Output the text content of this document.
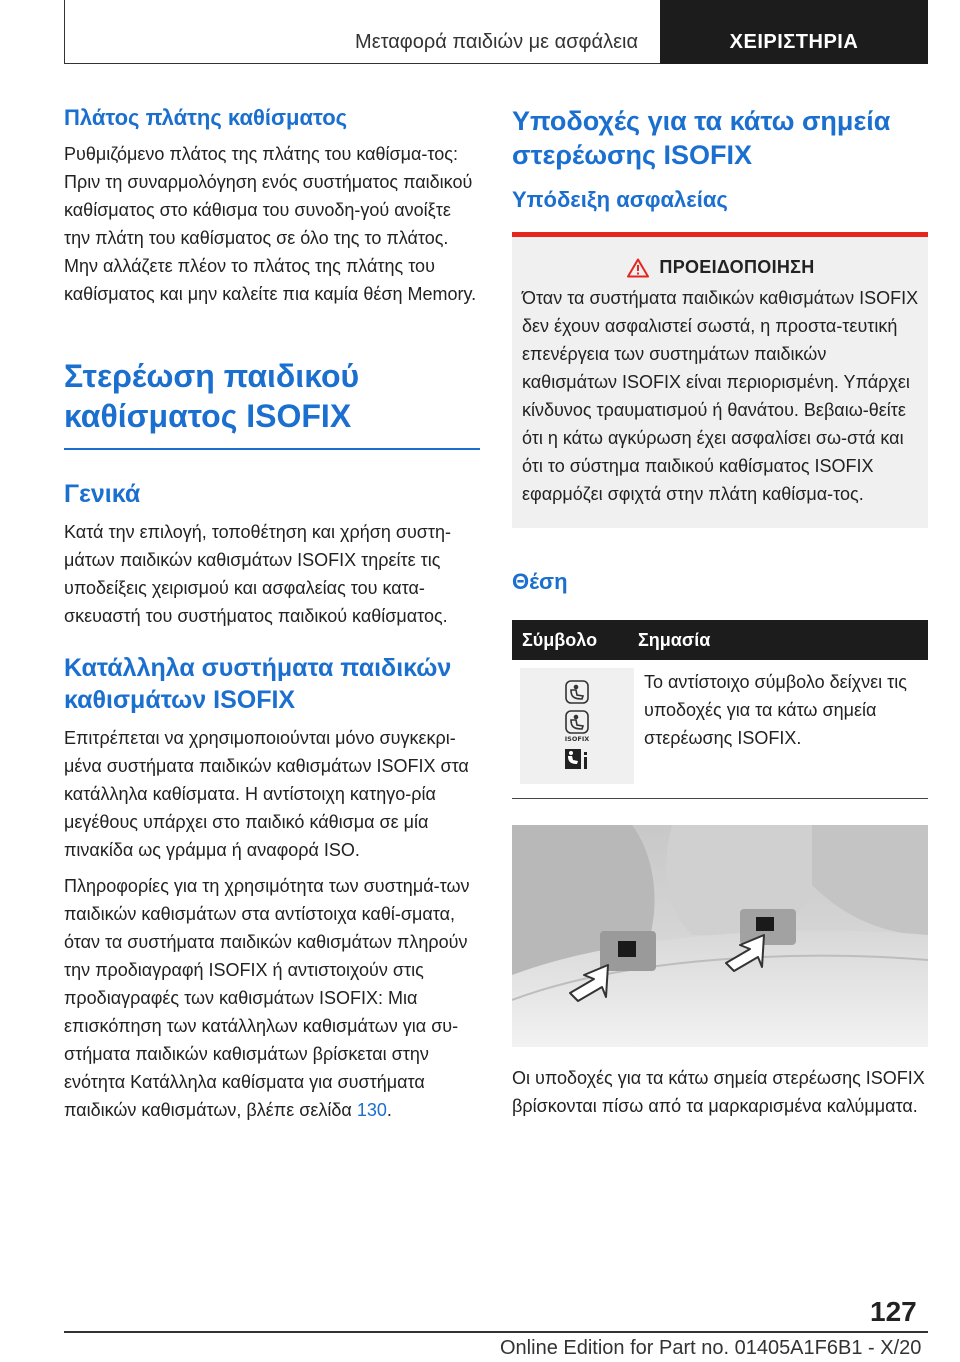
Μεταφορά παιδιών με ασφάλεια	ΧΕΙΡΙΣΤΗΡΙΑ
Πλάτος πλάτης καθίσματος
Ρυθμιζόμενο πλάτος της πλάτης του καθίσμα-τος: Πριν τη συναρμολόγηση ενός συστήματος παιδικού καθίσματος στο κάθισμα του συνοδη-γού ανοίξτε την πλάτη του καθίσματος σε όλο της το πλάτος. Μην αλλάζετε πλέον το πλάτος της πλάτης του καθίσματος και μην καλείτε πια καμία θέση Memory.
Στερέωση παιδικού καθίσματος ISOFIX
Γενικά
Κατά την επιλογή, τοποθέτηση και χρήση συστη-μάτων παιδικών καθισμάτων ISOFIX τηρείτε τις υποδείξεις χειρισμού και ασφαλείας του κατα-σκευαστή του συστήματος παιδικού καθίσματος.
Κατάλληλα συστήματα παιδικών καθισμάτων ISOFIX
Επιτρέπεται να χρησιμοποιούνται μόνο συγκεκρι-μένα συστήματα παιδικών καθισμάτων ISOFIX στα κατάλληλα καθίσματα. Η αντίστοιχη κατηγο-ρία μεγέθους υπάρχει στο παιδικό κάθισμα σε μία πινακίδα ως γράμμα ή αναφορά ISO.
Πληροφορίες για τη χρησιμότητα των συστημά-των παιδικών καθισμάτων στα αντίστοιχα καθί-σματα, όταν τα συστήματα παιδικών καθισμάτων πληρούν την προδιαγραφή ISOFIX ή αντιστοιχούν στις προδιαγραφές των καθισμάτων ISOFIX: Μια επισκόπηση των κατάλληλων καθισμάτων για συ-στήματα παιδικών καθισμάτων βρίσκεται στην ενότητα Κατάλληλα καθίσματα για συστήματα παιδικών καθισμάτων, βλέπε σελίδα 130.
Υποδοχές για τα κάτω σημεία στερέωσης ISOFIX
Υπόδειξη ασφαλείας
ΠΡΟΕΙΔΟΠΟΙΗΣΗ
Όταν τα συστήματα παιδικών καθισμάτων ISOFIX δεν έχουν ασφαλιστεί σωστά, η προστα-τευτική επενέργεια των συστημάτων παιδικών καθισμάτων ISOFIX είναι περιορισμένη. Υπάρχει κίνδυνος τραυματισμού ή θανάτου. Βεβαιω-θείτε ότι η κάτω αγκύρωση έχει ασφαλίσει σω-στά και ότι το σύστημα παιδικού καθίσματος ISOFIX εφαρμόζει σφιχτά στην πλάτη καθίσμα-τος.
Θέση
Σύμβολο	Σημασία
ISOFIX
Το αντίστοιχο σύμβολο δείχνει τις υποδοχές για τα κάτω σημεία στερέωσης ISOFIX.
Οι υποδοχές για τα κάτω σημεία στερέωσης ISOFIX βρίσκονται πίσω από τα μαρκαρισμένα καλύμματα.
127
Online Edition for Part no. 01405A1F6B1 - X/20
